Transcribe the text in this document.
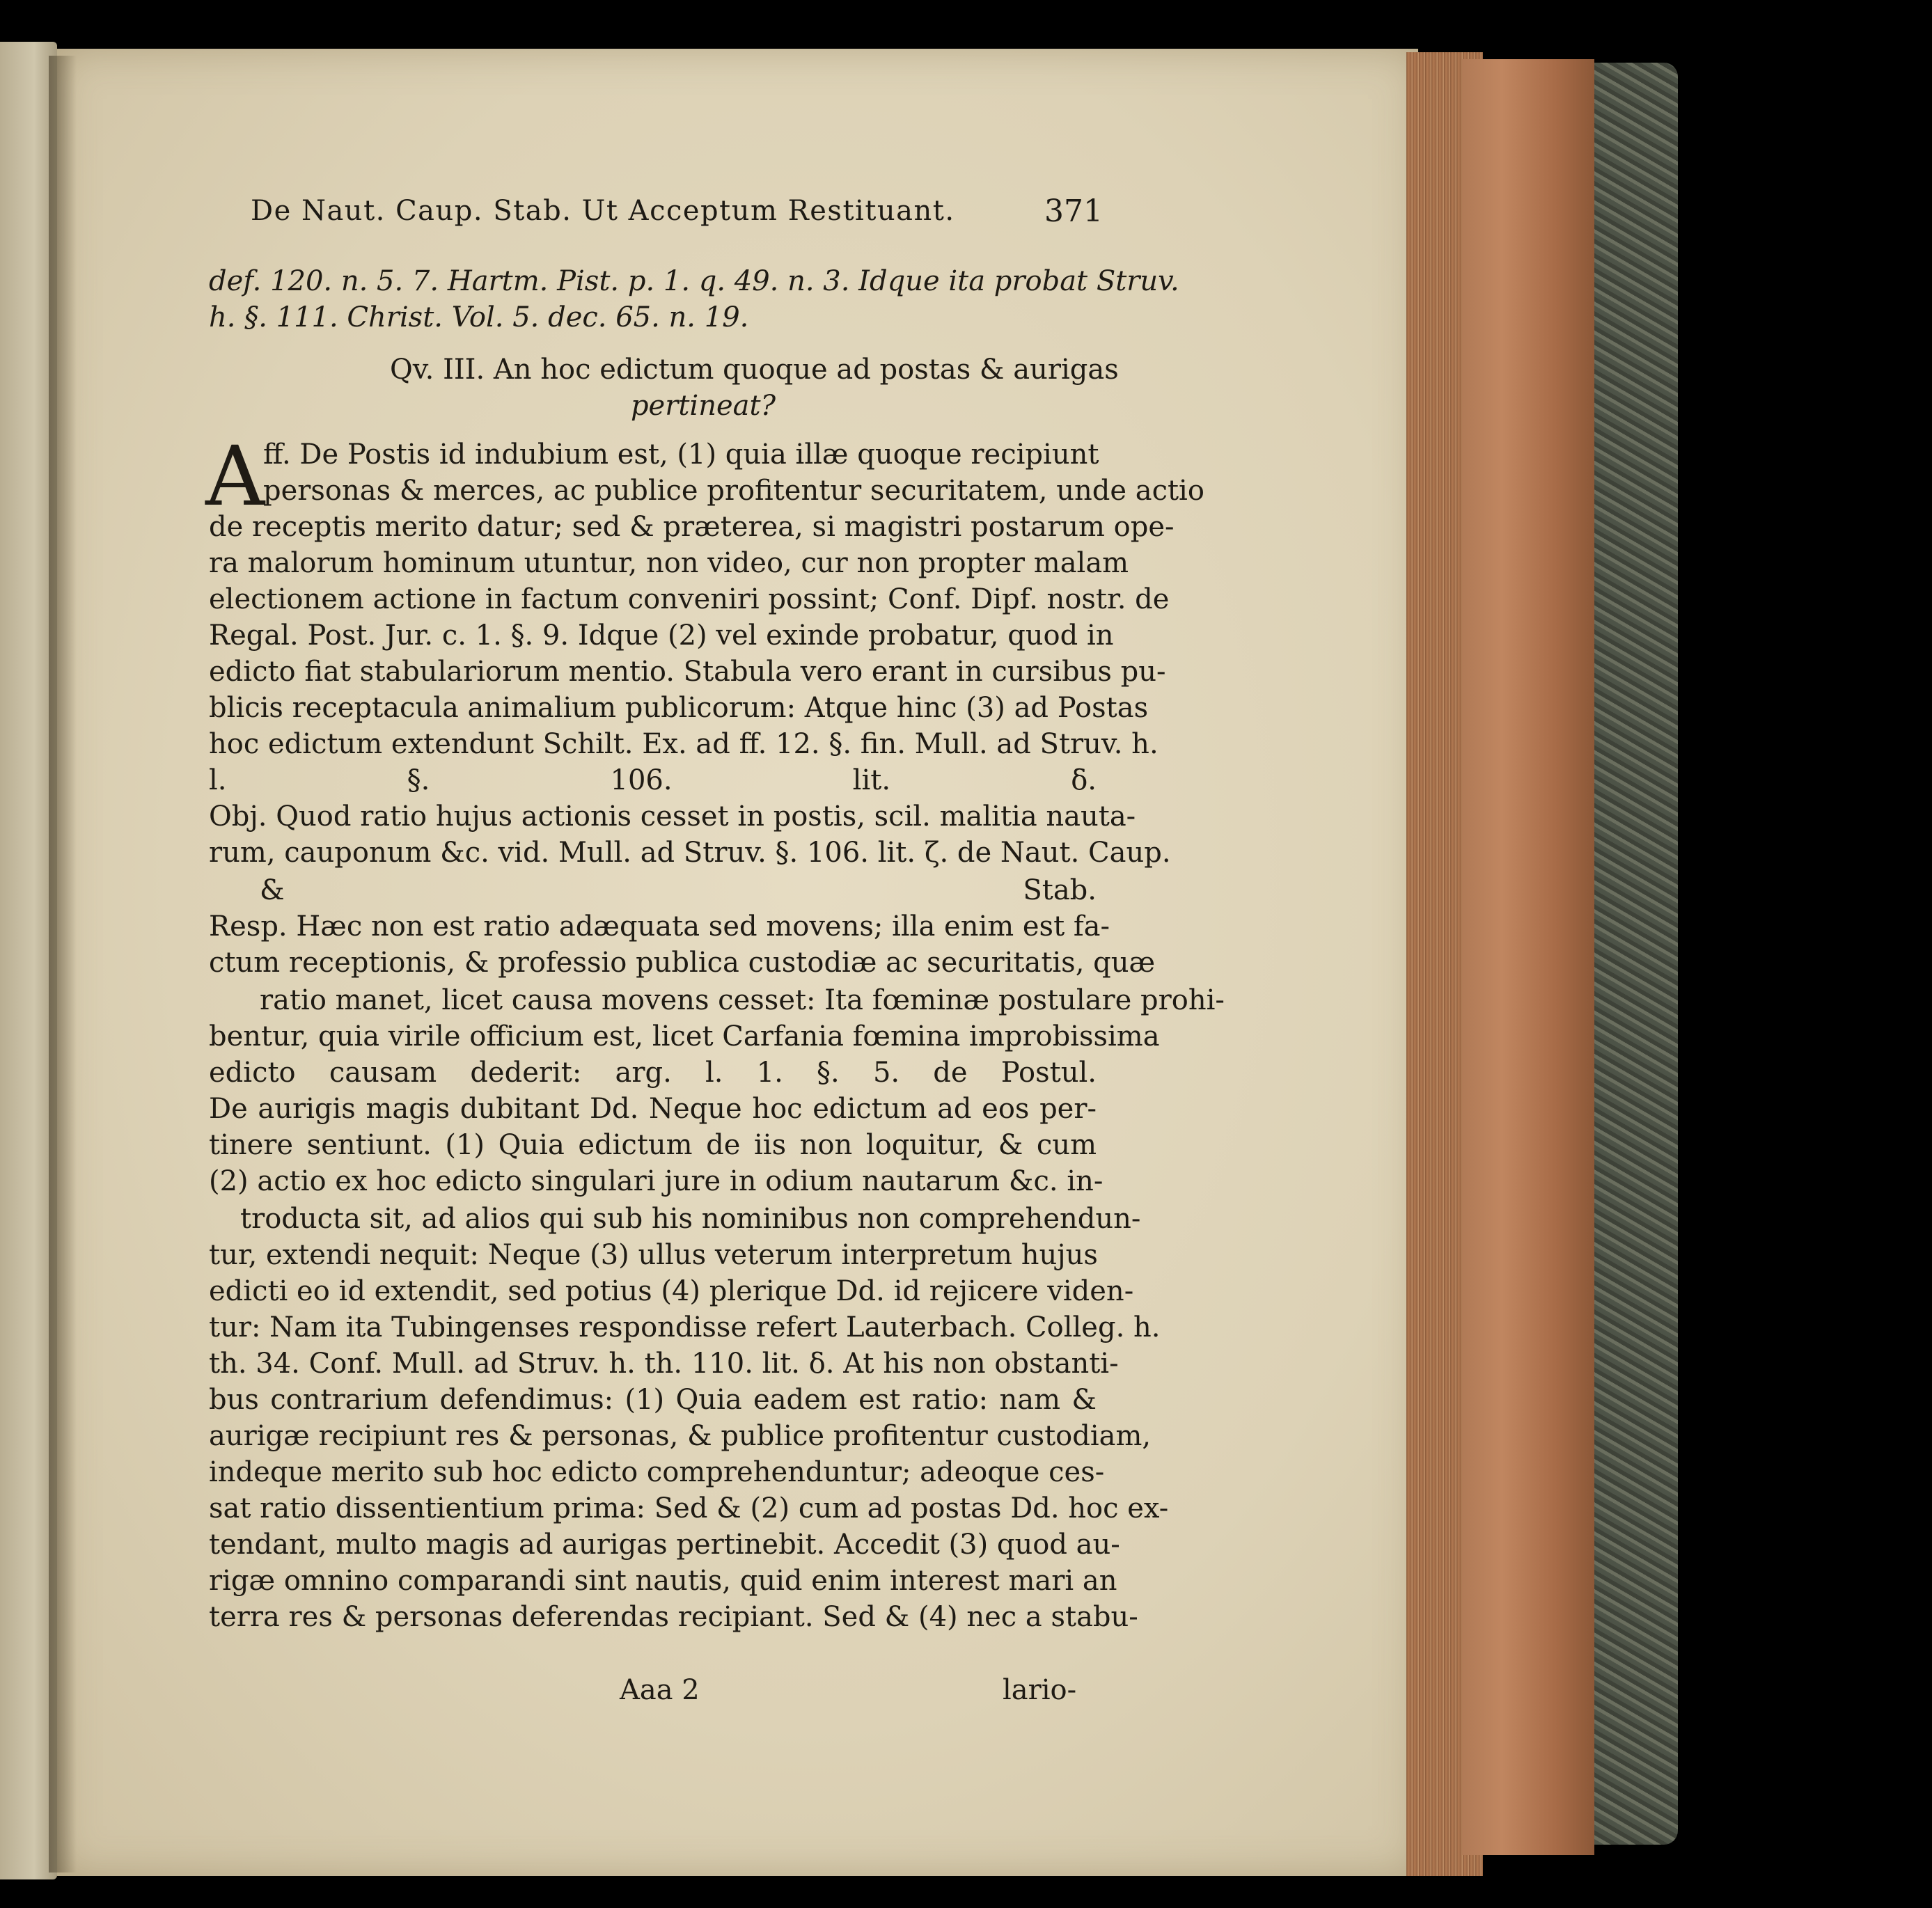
De Naut. Caup. Stab. Ut Acceptum Restituant.	371
def. 120. n. 5. 7. Hartm. Pist. p. 1. q. 49. n. 3. Idque ita probat Struv.
h. §. 111. Christ. Vol. 5. dec. 65. n. 19.
Qv. III. An hoc edictum quoque ad postas & aurigas
pertineat?
A
ff. De Postis id indubium est, (1) quia illæ quoque recipiunt
personas & merces, ac publice profitentur securitatem, unde actio
de receptis merito datur; sed & præterea, si magistri postarum ope-
ra malorum hominum utuntur, non video, cur non propter malam
electionem actione in factum conveniri possint; Conf. Dipf. nostr. de
Regal. Post. Jur. c. 1. §. 9. Idque (2) vel exinde probatur, quod in
edicto fiat stabulariorum mentio. Stabula vero erant in cursibus pu-
blicis receptacula animalium publicorum: Atque hinc (3) ad Postas
hoc edictum extendunt Schilt. Ex. ad ff. 12. §. fin. Mull. ad Struv. h.
l. §. 106. lit. δ.
Obj. Quod ratio hujus actionis cesset in postis, scil. malitia nauta-
rum, cauponum &c. vid. Mull. ad Struv. §. 106. lit. ζ. de Naut. Caup.
& Stab.
Resp. Hæc non est ratio adæquata sed movens; illa enim est fa-
ctum receptionis, & professio publica custodiæ ac securitatis, quæ
ratio manet, licet causa movens cesset: Ita fœminæ postulare prohi-
bentur, quia virile officium est, licet Carfania fœmina improbissima
edicto causam dederit: arg. l. 1. §. 5. de Postul.
De aurigis magis dubitant Dd. Neque hoc edictum ad eos per-
tinere sentiunt. (1) Quia edictum de iis non loquitur, & cum
(2) actio ex hoc edicto singulari jure in odium nautarum &c. in-
troducta sit, ad alios qui sub his nominibus non comprehendun-
tur, extendi nequit: Neque (3) ullus veterum interpretum hujus
edicti eo id extendit, sed potius (4) plerique Dd. id rejicere viden-
tur: Nam ita Tubingenses respondisse refert Lauterbach. Colleg. h.
th. 34. Conf. Mull. ad Struv. h. th. 110. lit. δ. At his non obstanti-
bus contrarium defendimus: (1) Quia eadem est ratio: nam &
aurigæ recipiunt res & personas, & publice profitentur custodiam,
indeque merito sub hoc edicto comprehenduntur; adeoque ces-
sat ratio dissentientium prima: Sed & (2) cum ad postas Dd. hoc ex-
tendant, multo magis ad aurigas pertinebit. Accedit (3) quod au-
rigæ omnino comparandi sint nautis, quid enim interest mari an
terra res & personas deferendas recipiant. Sed & (4) nec a stabu-
Aaa 2	lario-
